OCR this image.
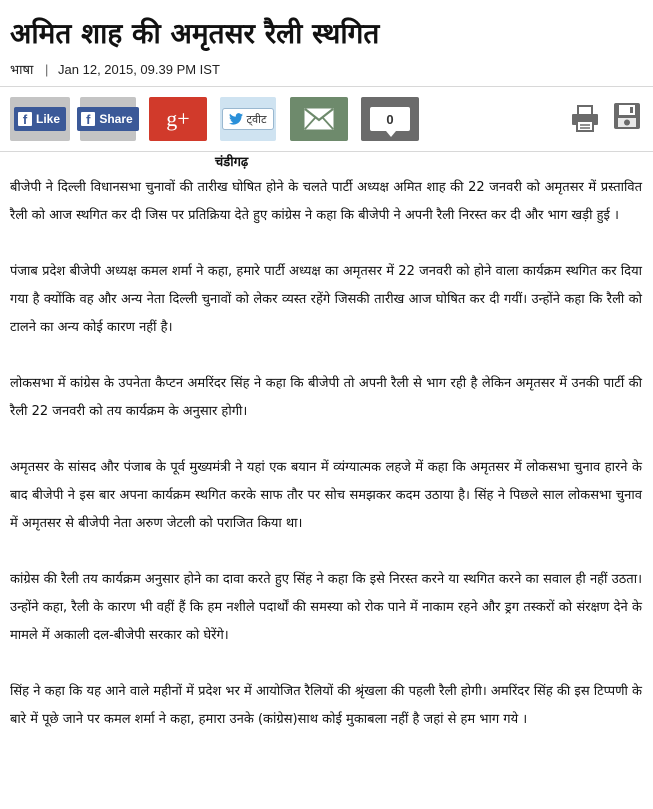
अमित शाह की अमृतसर रैली स्थगित
भाषा | Jan 12, 2015, 09.39 PM IST
f Like	f Share g+	ट्वीट	0
चंडीगढ़

बीजेपी ने दिल्ली विधानसभा चुनावों की तारीख घोषित होने के चलते पार्टी अध्यक्ष अमित शाह की 22 जनवरी को अमृतसर में प्रस्तावित रैली को आज स्थगित कर दी जिस पर प्रतिक्रिया देते हुए कांग्रेस ने कहा कि बीजेपी ने अपनी रैली निरस्त कर दी और भाग खड़ी हुई ।

पंजाब प्रदेश बीजेपी अध्यक्ष कमल शर्मा ने कहा, हमारे पार्टी अध्यक्ष का अमृतसर में 22 जनवरी को होने वाला कार्यक्रम स्थगित कर दिया गया है क्योंकि वह और अन्य नेता दिल्ली चुनावों को लेकर व्यस्त रहेंगे जिसकी तारीख आज घोषित कर दी गयीं। उन्होंने कहा कि रैली को टालने का अन्य कोई कारण नहीं है।

लोकसभा में कांग्रेस के उपनेता कैप्टन अमरिंदर सिंह ने कहा कि बीजेपी तो अपनी रैली से भाग रही है लेकिन अमृतसर में उनकी पार्टी की रैली 22 जनवरी को तय कार्यक्रम के अनुसार होगी।

अमृतसर के सांसद और पंजाब के पूर्व मुख्यमंत्री ने यहां एक बयान में व्यंग्यात्मक लहजे में कहा कि अमृतसर में लोकसभा चुनाव हारने के बाद बीजेपी ने इस बार अपना कार्यक्रम स्थगित करके साफ तौर पर सोच समझकर कदम उठाया है। सिंह ने पिछले साल लोकसभा चुनाव में अमृतसर से बीजेपी नेता अरुण जेटली को पराजित किया था।

कांग्रेस की रैली तय कार्यक्रम अनुसार होने का दावा करते हुए सिंह ने कहा कि इसे निरस्त करने या स्थगित करने का सवाल ही नहीं उठता।उन्होंने कहा, रैली के कारण भी वहीं हैं कि हम नशीले पदार्थों की समस्या को रोक पाने में नाकाम रहने और ड्रग तस्करों को संरक्षण देने के मामले में अकाली दल-बीजेपी सरकार को घेरेंगे।

सिंह ने कहा कि यह आने वाले महीनों में प्रदेश भर में आयोजित रैलियों की श्रृंखला की पहली रैली होगी। अमरिंदर सिंह की इस टिप्पणी के बारे में पूछे जाने पर कमल शर्मा ने कहा, हमारा उनके (कांग्रेस)साथ कोई मुकाबला नहीं है जहां से हम भाग गये ।
